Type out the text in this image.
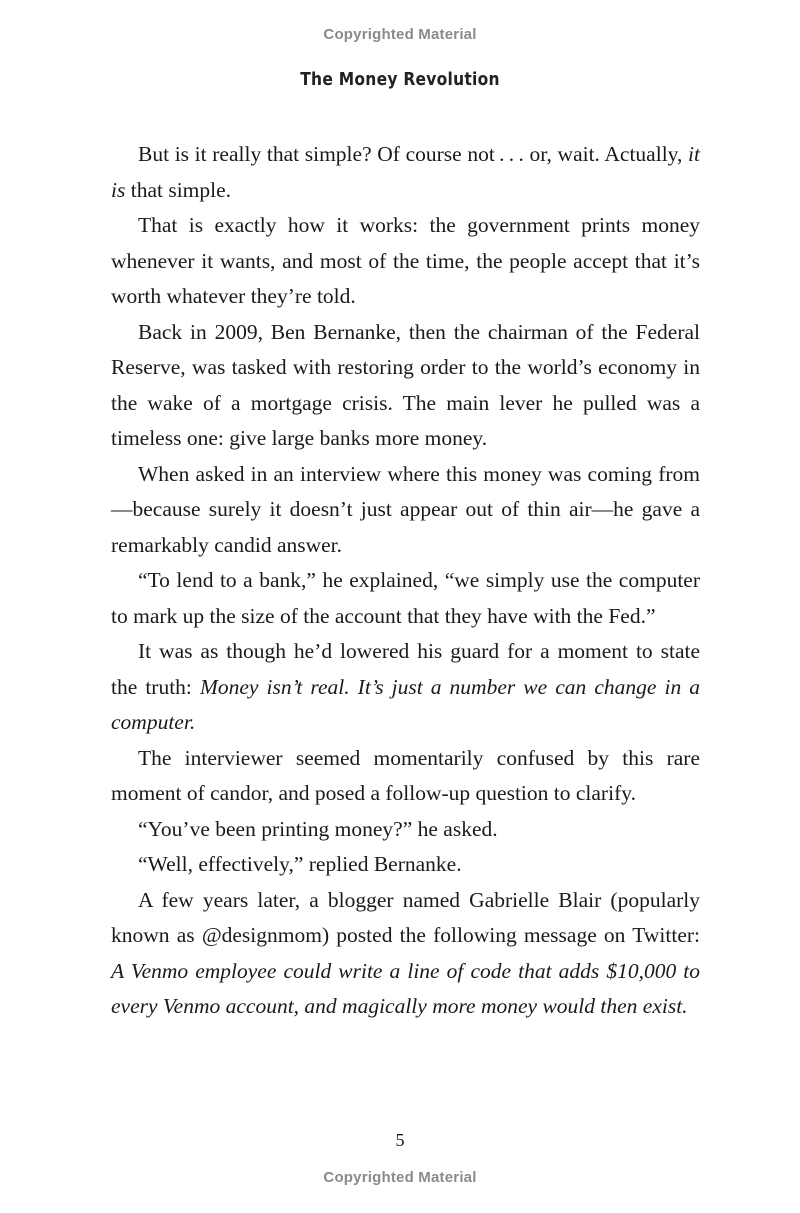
Copyrighted Material
The Money Revolution

But is it really that simple? Of course not . . . or, wait. Actually, it is that simple.

That is exactly how it works: the government prints money whenever it wants, and most of the time, the people accept that it’s worth whatever they’re told.

Back in 2009, Ben Bernanke, then the chairman of the Federal Reserve, was tasked with restoring order to the world’s economy in the wake of a mortgage crisis. The main lever he pulled was a timeless one: give large banks more money.

When asked in an interview where this money was coming from—because surely it doesn’t just appear out of thin air—he gave a remarkably candid answer.

“To lend to a bank,” he explained, “we simply use the computer to mark up the size of the account that they have with the Fed.”

It was as though he’d lowered his guard for a moment to state the truth: Money isn’t real. It’s just a number we can change in a computer.

The interviewer seemed momentarily confused by this rare moment of candor, and posed a follow-up question to clarify.

“You’ve been printing money?” he asked.

“Well, effectively,” replied Bernanke.

A few years later, a blogger named Gabrielle Blair (popularly known as @designmom) posted the following message on Twitter: A Venmo employee could write a line of code that adds $10,000 to every Venmo account, and magically more money would then exist.

5
Copyrighted Material
